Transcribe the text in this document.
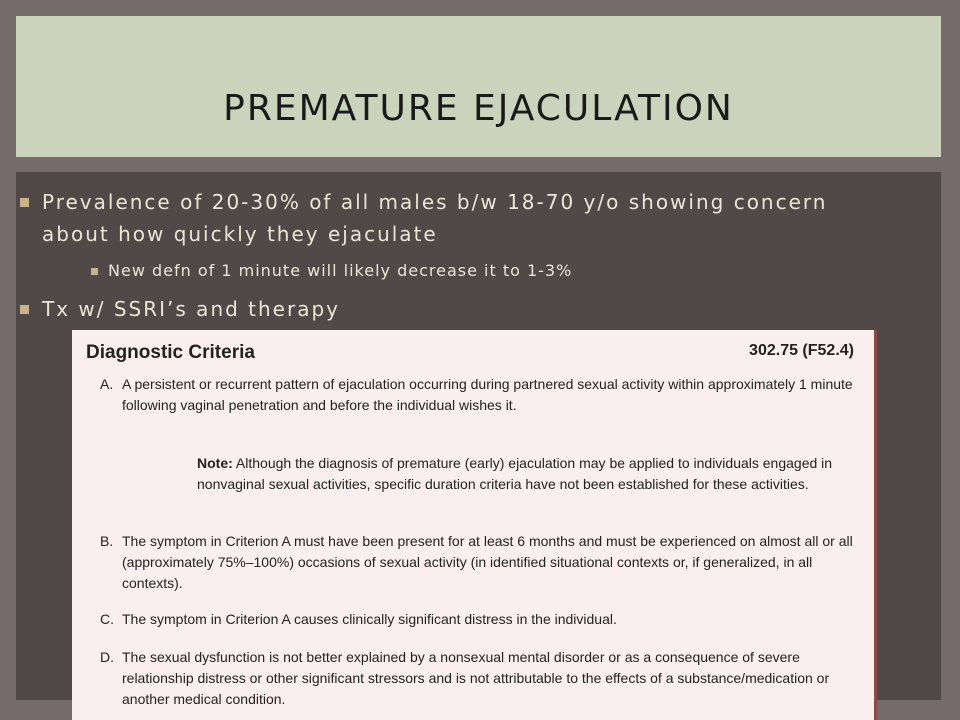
PREMATURE EJACULATION
Prevalence of 20-30% of all males b/w 18-70 y/o showing concern about how quickly they ejaculate
New defn of 1 minute will likely decrease it to 1-3%
Tx w/ SSRI’s and therapy
Diagnostic Criteria	302.75 (F52.4)
A. A persistent or recurrent pattern of ejaculation occurring during partnered sexual activity within approximately 1 minute following vaginal penetration and before the individual wishes it.
Note: Although the diagnosis of premature (early) ejaculation may be applied to individuals engaged in nonvaginal sexual activities, specific duration criteria have not been established for these activities.
B. The symptom in Criterion A must have been present for at least 6 months and must be experienced on almost all or all (approximately 75%–100%) occasions of sexual activity (in identified situational contexts or, if generalized, in all contexts).
C. The symptom in Criterion A causes clinically significant distress in the individual.
D. The sexual dysfunction is not better explained by a nonsexual mental disorder or as a consequence of severe relationship distress or other significant stressors and is not attributable to the effects of a substance/medication or another medical condition.
